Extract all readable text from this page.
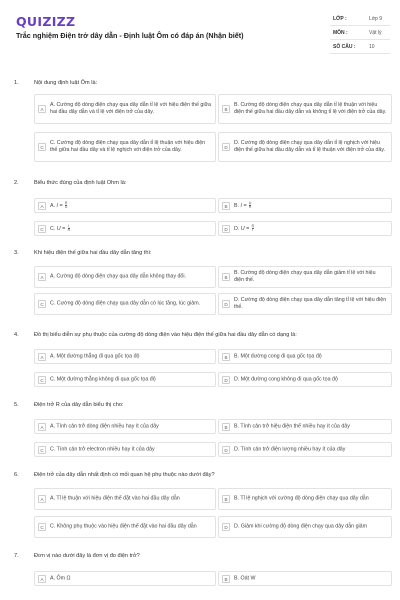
QUIZIZZ
Trắc nghiệm Điện trở dây dẫn - Định luật Ôm có đáp án (Nhận biết)
LỚP :	Lớp 9
MÔN :	Vật lý
SỐ CÂU :	10
1.	Nội dung định luật Ôm là:
A
A. Cường độ dòng điện chạy qua dây dẫn tỉ lệ với hiệu điện thế giữa hai đầu dây dẫn và tỉ lệ với điện trở của dây.	B
B. Cường độ dòng điện chạy qua dây dẫn tỉ lệ thuận với hiệu điện thế giữa hai đầu dây dẫn và không tỉ lệ với điện trở của dây.
C
C. Cường độ dòng điện chạy qua dây dẫn tỉ lệ thuận với hiệu điện thế giữa hai đầu dây và tỉ lệ nghịch với điện trở của dây.	D
D. Cường độ dòng điện chạy qua dây dẫn tỉ lệ nghịch với hiệu điện thế giữa hai đầu dây dẫn và tỉ lệ thuận với điện trở của dây.
2.	Biểu thức đúng của định luật Ohm là:
A	A. $I = \frac{R}{U}$	B	B. $I = \frac{U}{R}$
C	C. $U = \frac{I}{R}$	D	D. $U = \frac{R}{I}$
3.	Khi hiệu điện thế giữa hai đầu dây dẫn tăng thì:
A	A. Cường độ dòng điện chạy qua dây dẫn không thay đổi.	B
B. Cường độ dòng điện chạy qua dây dẫn giảm tỉ lệ với hiệu điện thế.
C	C. Cường độ dòng điện chạy qua dây dẫn có lúc tăng, lúc giảm.	D
D. Cường độ dòng điện chạy qua dây dẫn tăng tỉ lệ với hiệu điện thế.
4.	Đồ thị biểu diễn sự phụ thuộc của cường độ dòng điện vào hiệu điện thế giữa hai đầu dây dẫn có dạng là:
A	A. Một đường thẳng đi qua gốc tọa độ	B	B. Một đường cong đi qua gốc tọa độ
C	C. Một đường thẳng không đi qua gốc tọa độ	D	D. Một đường cong không đi qua gốc tọa độ
5.	Điện trở R của dây dẫn biểu thị cho:
A	A. Tính cản trở dòng điện nhiều hay ít của dây	B	B. Tính cản trở hiệu điện thế nhiều hay ít của dây
C	C. Tính cản trở electron nhiều hay ít của dây	D	D. Tính cản trở điện lượng nhiều hay ít của dây
6.	Điện trở của dây dẫn nhất định có mối quan hệ phụ thuộc nào dưới đây?
A	A. Tỉ lệ thuận với hiệu điện thế đặt vào hai đầu dây dẫn	B	B. Tỉ lệ nghịch với cường độ dòng điện chạy qua dây dẫn
C	C. Không phụ thuộc vào hiệu điện thế đặt vào hai đầu dây dẫn	D	D. Giảm khi cường độ dòng điện chạy qua dây dẫn giảm
7.	Đơn vị nào dưới đây là đơn vị đo điện trở?
A	A. Ôm Ω	B	B. Oát W
